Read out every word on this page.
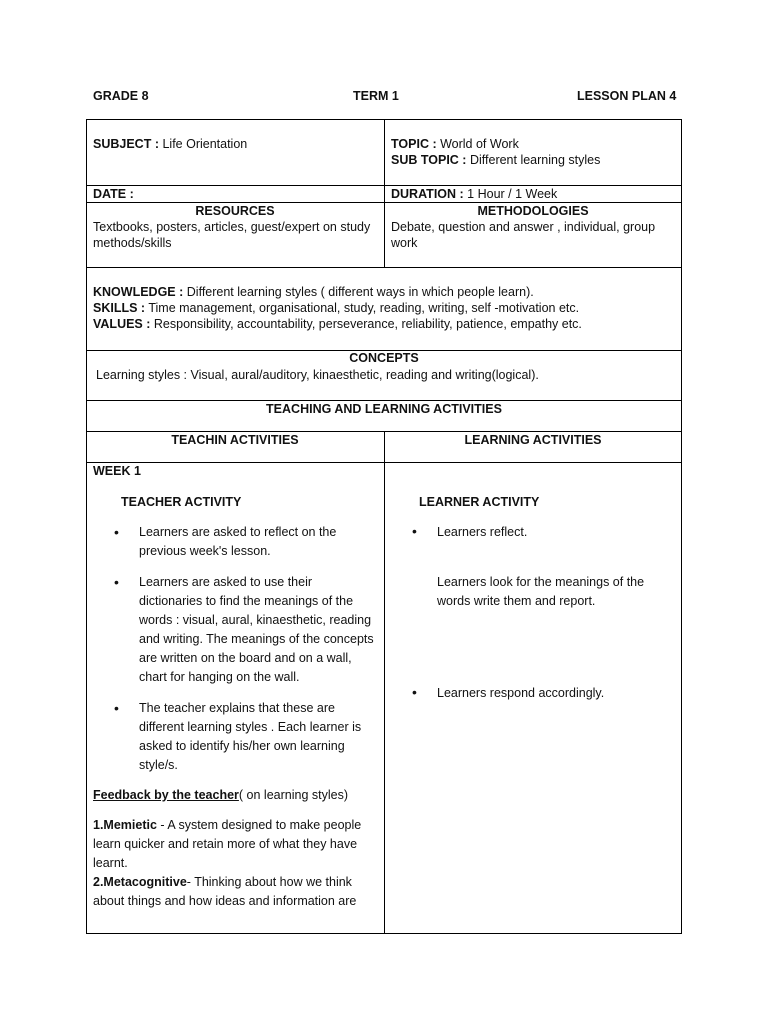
GRADE 8	TERM 1	LESSON PLAN 4
SUBJECT : Life Orientation	TOPIC : World of Work
SUB TOPIC : Different learning styles
DATE :	DURATION : 1 Hour / 1 Week
RESOURCES
Textbooks, posters, articles, guest/expert on study methods/skills
METHODOLOGIES
Debate, question and answer , individual, group work
KNOWLEDGE : Different learning styles ( different ways in which people learn).
SKILLS : Time management, organisational, study, reading, writing, self -motivation etc.
VALUES : Responsibility, accountability, perseverance, reliability, patience, empathy etc.
CONCEPTS
Learning styles : Visual, aural/auditory, kinaesthetic, reading and writing(logical).
TEACHING AND LEARNING ACTIVITIES
TEACHIN ACTIVITIES	LEARNING ACTIVITIES
WEEK 1
TEACHER ACTIVITY
• Learners are asked to reflect on the previous week's lesson.
• Learners are asked to use their dictionaries to find the meanings of the words : visual, aural, kinaesthetic, reading and writing. The meanings of the concepts are written on the board and on a wall, chart for hanging on the wall.
• The teacher explains that these are different learning styles . Each learner is asked to identify his/her own learning style/s.
Feedback by the teacher( on learning styles)
1.Memietic - A system designed to make people learn quicker and retain more of what they have learnt.
2.Metacognitive- Thinking about how we think about things and how ideas and information are
LEARNER ACTIVITY
• Learners reflect.
Learners look for the meanings of the words write them and report.
• Learners respond accordingly.
